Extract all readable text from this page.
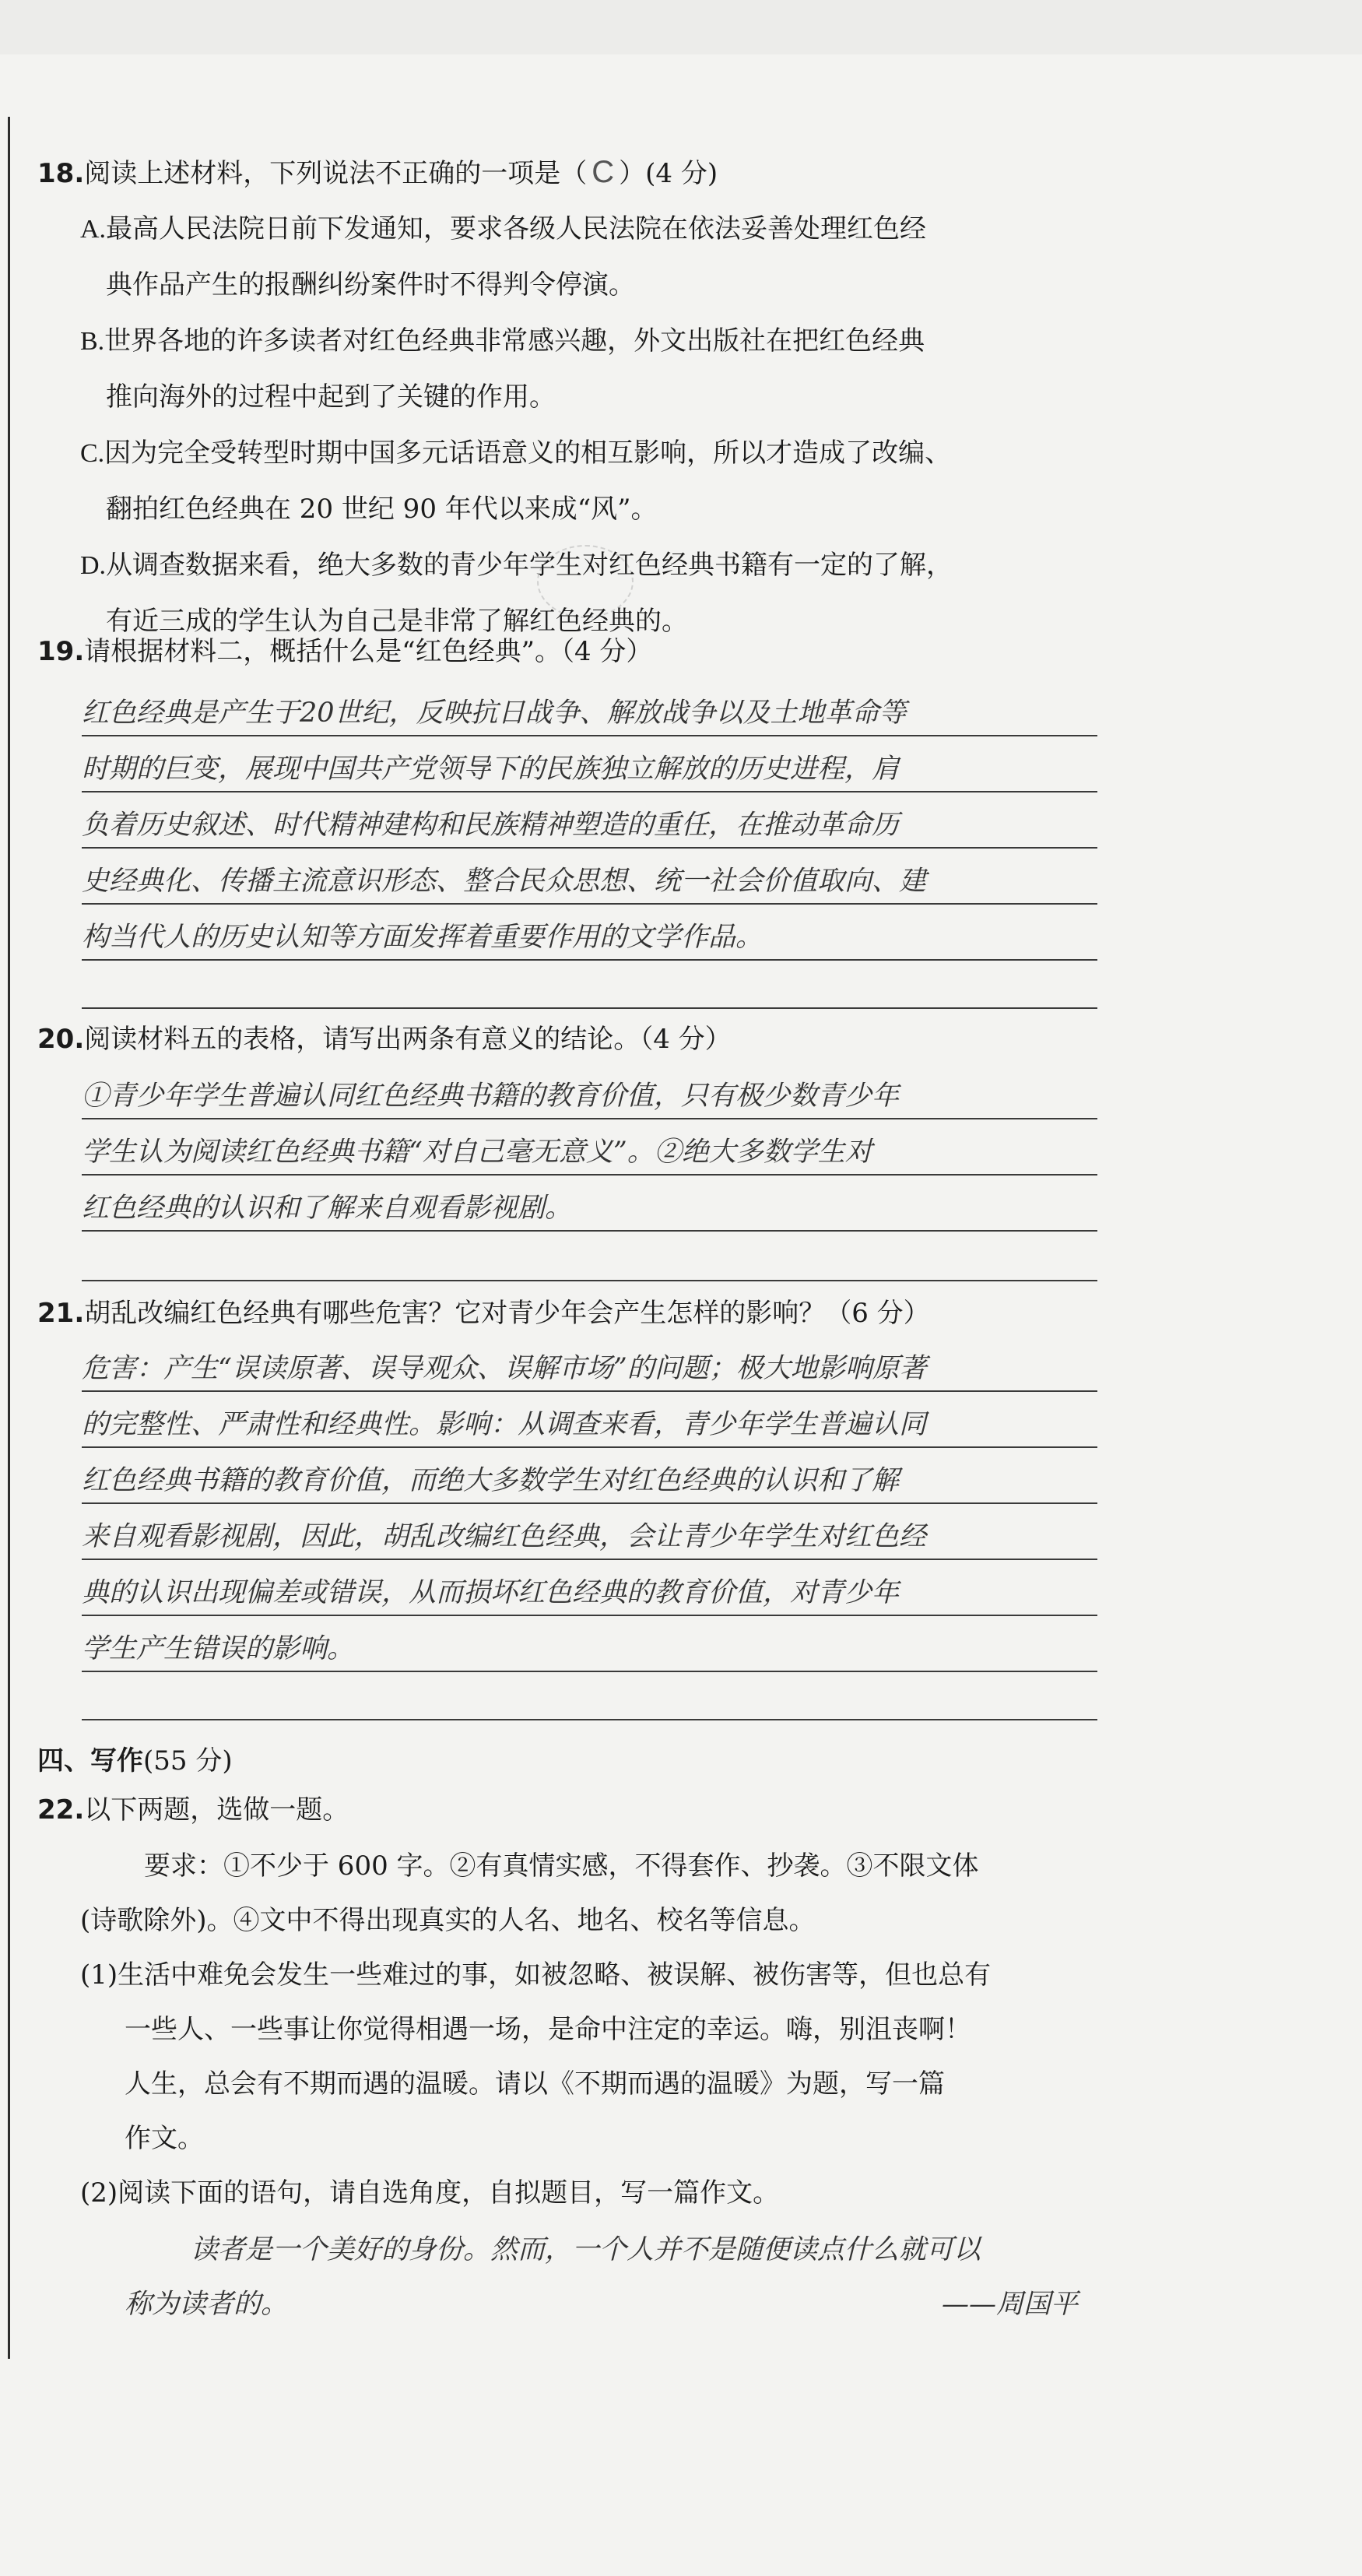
18.阅读上述材料，下列说法不正确的一项是（ C ）(4 分)
A.最高人民法院日前下发通知，要求各级人民法院在依法妥善处理红色经
典作品产生的报酬纠纷案件时不得判令停演。
B.世界各地的许多读者对红色经典非常感兴趣，外文出版社在把红色经典
推向海外的过程中起到了关键的作用。
C.因为完全受转型时期中国多元话语意义的相互影响，所以才造成了改编、
翻拍红色经典在 20 世纪 90 年代以来成“风”。
D.从调查数据来看，绝大多数的青少年学生对红色经典书籍有一定的了解，
有近三成的学生认为自己是非常了解红色经典的。
19.请根据材料二，概括什么是“红色经典”。（4 分）
红色经典是产生于20世纪，反映抗日战争、解放战争以及土地革命等
时期的巨变，展现中国共产党领导下的民族独立解放的历史进程，肩
负着历史叙述、时代精神建构和民族精神塑造的重任，在推动革命历
史经典化、传播主流意识形态、整合民众思想、统一社会价值取向、建
构当代人的历史认知等方面发挥着重要作用的文学作品。
20.阅读材料五的表格，请写出两条有意义的结论。（4 分）
①青少年学生普遍认同红色经典书籍的教育价值，只有极少数青少年
学生认为阅读红色经典书籍“对自己毫无意义”。②绝大多数学生对
红色经典的认识和了解来自观看影视剧。
21.胡乱改编红色经典有哪些危害？它对青少年会产生怎样的影响？（6 分）
危害：产生“误读原著、误导观众、误解市场”的问题；极大地影响原著
的完整性、严肃性和经典性。影响：从调查来看，青少年学生普遍认同
红色经典书籍的教育价值，而绝大多数学生对红色经典的认识和了解
来自观看影视剧，因此，胡乱改编红色经典，会让青少年学生对红色经
典的认识出现偏差或错误，从而损坏红色经典的教育价值，对青少年
学生产生错误的影响。
四、写作(55 分)
22.以下两题，选做一题。
要求：①不少于 600 字。②有真情实感，不得套作、抄袭。③不限文体
(诗歌除外)。④文中不得出现真实的人名、地名、校名等信息。
(1)生活中难免会发生一些难过的事，如被忽略、被误解、被伤害等，但也总有
一些人、一些事让你觉得相遇一场，是命中注定的幸运。嗨，别沮丧啊！
人生，总会有不期而遇的温暖。请以《不期而遇的温暖》为题，写一篇
作文。
(2)阅读下面的语句，请自选角度，自拟题目，写一篇作文。
读者是一个美好的身份。然而，一个人并不是随便读点什么就可以
称为读者的。	——周国平
